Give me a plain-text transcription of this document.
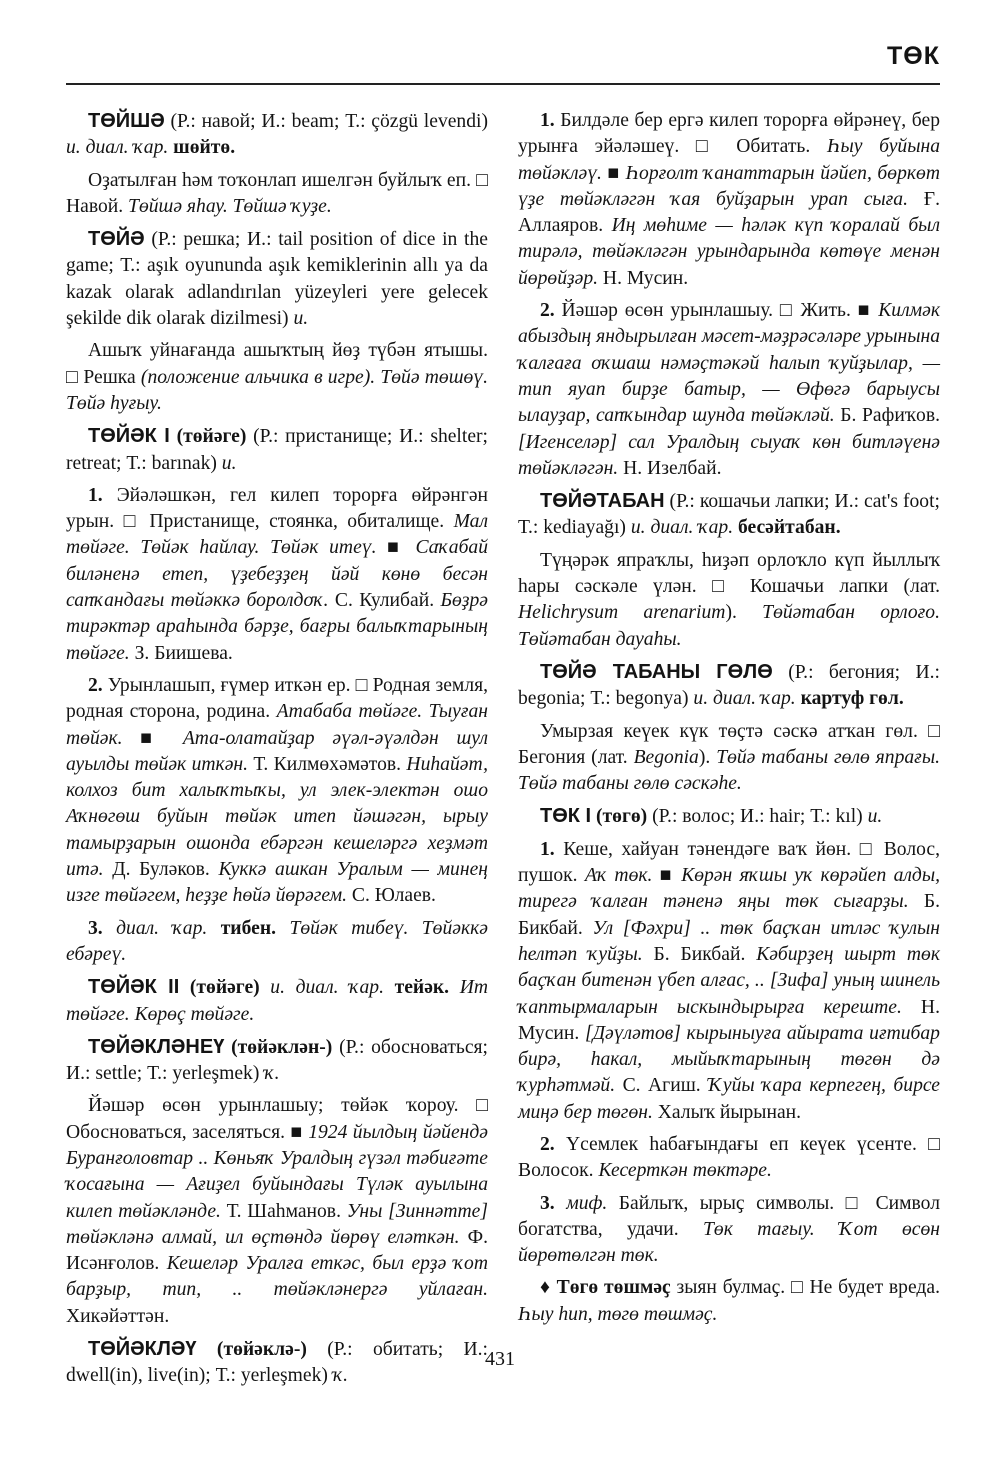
ТӨК

ТӨЙШӘ (Р.: навой; И.: beam; Т.: çözgü levendi) и. диал. ҡар. шөйтө.

Оҙатылған һәм тоҡонлап ишелгән буйлыҡ еп. □ Навой. Төйшә яһау. Төйшә ҡуҙе.

ТӨЙӘ (Р.: решка; И.: tail position of dice in the game; Т.: aşık oyununda aşık kemiklerinin allı ya da kazak olarak adlandırılan yüzeyleri yere gelecek şekilde dik olarak dizilmesi) и.

Ашыҡ уйнағанда ашыҡтың йөҙ түбән ятышы. □ Решка (положение альчика в игре). Төйә төшөү. Төйә һуғыу.

ТӨЙӘК I (төйәге) (Р.: пристанище; И.: shelter; retreat; Т.: barınak) и.

1. Эйәләшкән, гел килеп торорға өйрәнгән урын. □ Пристанище, стоянка, обиталище. Мал төйәге. Төйәк һайлау. Төйәк итеү. ■ Саҡабай биләненә етеп, үҙебеҙҙең йәй көнө бесән сапҡандағы төйәккә боролдоҡ. С. Кулибай. Бөҙрә тирәктәр араһында бәрҙе, бағры балыҡтарының төйәге. З. Биишева.

2. Урынлашып, ғүмер иткән ер. □ Родная земля, родная сторона, родина. Атабаба төйәге. Тыуған төйәк. ■ Ата-олатайҙар әүәл-әүәлдән шул ауылды төйәк иткән. Т. Килмөхәмәтов. Ниһайәт, колхоз бит халыҡтыҡы, ул элек-электән ошо Аҡнөгөш буйын төйәк итеп йәшәгән, ырыу тамырҙарын ошонда ебәргән кешеләргә хеҙмәт итә. Д. Буләков. Куккә ашкан Уралым — минең изге төйәгем, һеҙҙе һөйә йөрәгем. С. Юлаев.

3. диал. ҡар. тибен. Төйәк тибеү. Төйәккә ебәреү.

ТӨЙӘК II (төйәге) и. диал. ҡар. тейәк. Ит төйәге. Көрөç төйәге.

ТӨЙӘКЛӘНЕҮ (төйәклән-) (Р.: обосноваться; И.: settle; Т.: yerleşmek) ҡ.

Йәшәр өсөн урынлашыу; төйәк ҡороу. □ Обосноваться, заселяться. ■ 1924 йылдың йәйендә Буранғоловтар .. Көньяҡ Уралдың гүзәл тәбиғәте ҡосағына — Ағиҙел буйындағы Түләк ауылына килеп төйәкләнде. Т. Шаһманов. Уны [Зиннәтте] төйәкләнә алмай, ил өҫтөндә йөрөү еләткән. Ф. Исәнғолов. Кешеләр Уралға еткәс, был ерҙә ҡот барҙыр, тип, .. төйәкләнергә уйлаған. Хикәйәттән.

ТӨЙӘКЛӘҮ (төйәклә-) (Р.: обитать; И.: dwell(in), live(in); Т.: yerleşmek) ҡ.

1. Билдәле бер ергә килеп торорға өйрәнеү, бер урынға эйәләшеү. □ Обитать. Һыу буйына төйәкләү. ■ Һорғолт ҡанаттарын йәйеп, бөркөт үҙе төйәкләгән ҡая буйҙарын урап сыға. Ғ. Аллаяров. Иң мөһиме — һәләк күп ҡоралай был тирәлә, төйәкләгән урындарында көтөүе менән йөрөйҙәр. Н. Мусин.

2. Йәшәр өсөн урынлашыу. □ Жить. ■ Килмәк абыздың яндырылған мәсет-мәҙрәсәләре урынына ҡалғаға оҡшаш нәмәҫтәкәй һалып ҡуйҙылар, — тип яуап бирҙе батыр, — Өфөгә барыусы ылауҙар, сапҡындар шунда төйәкләй. Б. Рафиҡов. [Игенселәр] сал Уралдың сыуаҡ көн битләүенә төйәкләгән. Н. Изелбай.

ТӨЙӘТАБАН (Р.: кошачьи лапки; И.: cat's foot; Т.: kediayağı) и. диал. ҡар. бесәйтабан.

Түңәрәк япраҡлы, һиҙәп орлоҡло күп йыллыҡ һары сәскәле үлән. □ Кошачьи лапки (лат. Helichrysum arenarium). Төйәтабан орлоғо. Төйәтабан дауаһы.

ТӨЙӘ ТАБАНЫ ГӨЛӨ (Р.: бегония; И.: begonia; Т.: begonya) и. диал. ҡар. картуф гөл.

Умырзая кеүек күк төҫтә сәскә атҡан гөл. □ Бегония (лат. Begonia). Төйә табаны гөлө япрағы. Төйә табаны гөлө сәскәһе.

ТӨК I (төгө) (Р.: волос; И.: hair; Т.: kıl) и.

1. Кеше, хайуан тәнендәге ваҡ йөн. □ Волос, пушок. Аҡ төк. ■ Көрән яҡшы уҡ көрәйеп алды, тирегә ҡалған тәненә яңы төк сығарҙы. Б. Бикбай. Ул [Фәхри] .. төк баҫҡан итләс ҡулын һелтәп ҡуйҙы. Б. Бикбай. Кәбирҙең шырт төк баҫҡан битенән үбеп алғас, .. [Зифа] уның шинель ҡаптырмаларын ыскындырырға кереште. Н. Мусин. [Дәүләтов] кырыныуға айырата иғтибар бирә, һакал, мыйыҡтарының төгөн дә ҡурһәтмәй. С. Агиш. Ҡуйы ҡара керпегең, бирсе миңә бер төгөн. Халыҡ йырынан.

2. Үсемлек һабағындағы еп кеүек үсенте. □ Волосок. Кесерткән төктәре.

3. миф. Байлыҡ, ырыҫ символы. □ Символ богатства, удачи. Төк тағыу. Ҡот өсөн йөрөтөлгән төк.

♦ Төгө төшмәҫ зыян булмаҫ. □ Не будет вреда. Һыу һип, төгө төшмәҫ.

431
